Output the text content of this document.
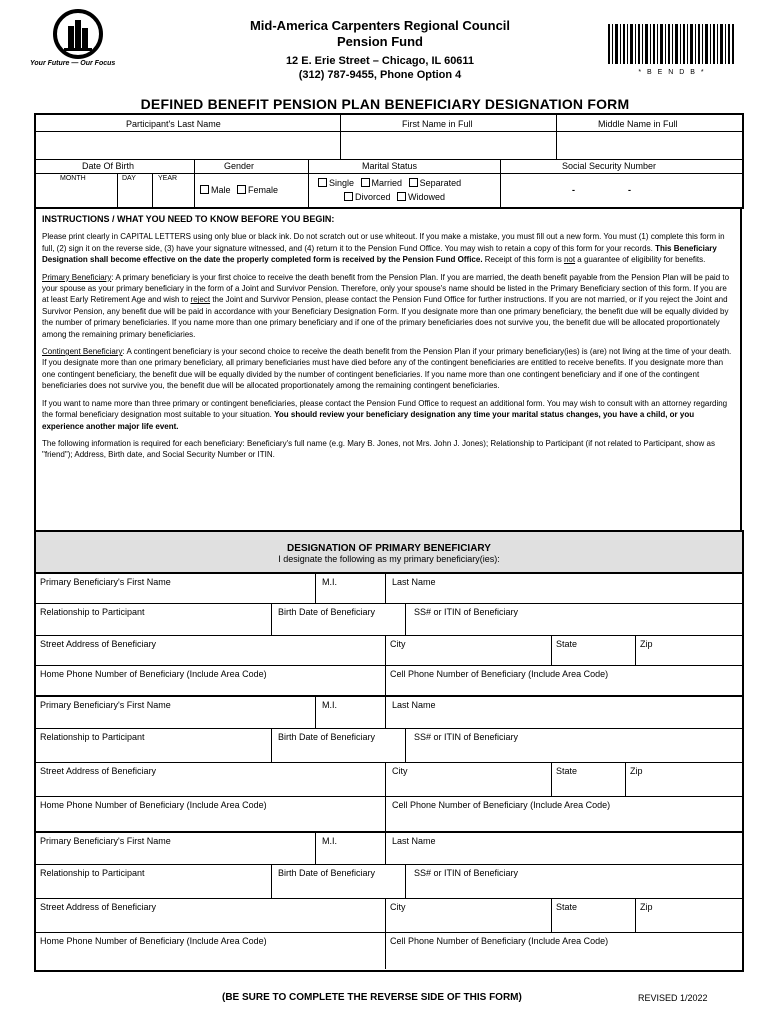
Your Future — Our Focus
Mid-America Carpenters Regional Council
Pension Fund
12 E. Erie Street – Chicago, IL 60611
(312) 787-9455, Phone Option 4	* B E N D B *
DEFINED BENEFIT PENSION PLAN BENEFICIARY DESIGNATION FORM
Participant's Last Name	First Name in Full	Middle Name in Full
Date Of Birth	Gender	Marital Status	Social Security Number
MONTH	DAY	YEAR
Male Female
Single Married Separated
Divorced Widowed
-	-
INSTRUCTIONS / WHAT YOU NEED TO KNOW BEFORE YOU BEGIN:

Please print clearly in CAPITAL LETTERS using only blue or black ink. Do not scratch out or use whiteout. If you make a mistake, you must fill out a new form. You must (1) complete this form in full, (2) sign it on the reverse side, (3) have your signature witnessed, and (4) return it to the Pension Fund Office. You may wish to retain a copy of this form for your records. This Beneficiary Designation shall become effective on the date the properly completed form is received by the Pension Fund Office. Receipt of this form is not a guarantee of eligibility for benefits.

Primary Beneficiary: A primary beneficiary is your first choice to receive the death benefit from the Pension Plan. If you are married, the death benefit payable from the Pension Plan will be paid to your spouse as your primary beneficiary in the form of a Joint and Survivor Pension. Therefore, only your spouse's name should be listed in the Primary Beneficiary section of this form. If you are at least Early Retirement Age and wish to reject the Joint and Survivor Pension, please contact the Pension Fund Office for further instructions. If you are not married, or if you reject the Joint and Survivor Pension, any benefit due will be paid in accordance with your Beneficiary Designation Form. If you designate more than one primary beneficiary, the benefit due will be equally divided by the number of primary beneficiaries. If you name more than one primary beneficiary and if one of the primary beneficiaries does not survive you, the benefit due will be allocated proportionately among the remaining primary beneficiaries.

Contingent Beneficiary: A contingent beneficiary is your second choice to receive the death benefit from the Pension Plan if your primary beneficiary(ies) is (are) not living at the time of your death. If you designate more than one primary beneficiary, all primary beneficiaries must have died before any of the contingent beneficiaries are entitled to receive benefits. If you designate more than one contingent beneficiary, the benefit due will be equally divided by the number of contingent beneficiaries. If you name more than one contingent beneficiary and if one of the contingent beneficiaries does not survive you, the benefit due will be allocated proportionately among the remaining contingent beneficiaries.

If you want to name more than three primary or contingent beneficiaries, please contact the Pension Fund Office to request an additional form. You may wish to consult with an attorney regarding the formal beneficiary designation most suitable to your situation. You should review your beneficiary designation any time your marital status changes, you have a child, or you experience another major life event.

The following information is required for each beneficiary: Beneficiary's full name (e.g. Mary B. Jones, not Mrs. John J. Jones); Relationship to Participant (if not related to Participant, show as "friend"); Address, Birth date, and Social Security Number or ITIN.

DESIGNATION OF PRIMARY BENEFICIARY
I designate the following as my primary beneficiary(ies):
Primary Beneficiary's First Name	M.I.	Last Name
Relationship to Participant	Birth Date of Beneficiary	SS# or ITIN of Beneficiary
Street Address of Beneficiary	City	State	Zip
Home Phone Number of Beneficiary (Include Area Code)	Cell Phone Number of Beneficiary (Include Area Code)
Primary Beneficiary's First Name	M.I.	Last Name
Relationship to Participant	Birth Date of Beneficiary	SS# or ITIN of Beneficiary
Street Address of Beneficiary	City	State	Zip
Home Phone Number of Beneficiary (Include Area Code)	Cell Phone Number of Beneficiary (Include Area Code)
Primary Beneficiary's First Name	M.I.	Last Name
Relationship to Participant	Birth Date of Beneficiary	SS# or ITIN of Beneficiary
Street Address of Beneficiary	City	State	Zip
Home Phone Number of Beneficiary (Include Area Code)	Cell Phone Number of Beneficiary (Include Area Code)
(BE SURE TO COMPLETE THE REVERSE SIDE OF THIS FORM)	REVISED 1/2022
